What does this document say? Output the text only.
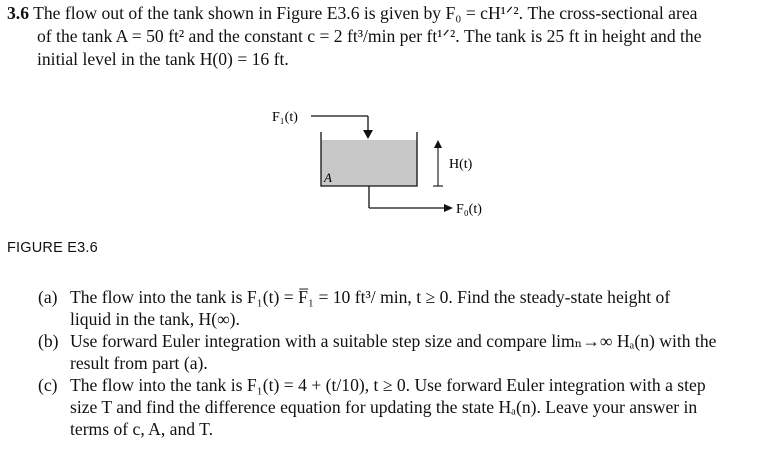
3.6 The flow out of the tank shown in Figure E3.6 is given by F₀ = cH¹ᐟ². The cross-sectional area
of the tank A = 50 ft² and the constant c = 2 ft³/min per ft¹ᐟ². The tank is 25 ft in height and the
initial level in the tank H(0) = 16 ft.
F₁(t)
H(t)
A
F₀(t)
FIGURE E3.6
(a) The flow into the tank is F₁(t) = F̅₁ = 10 ft³/ min, t ≥ 0. Find the steady-state height of
liquid in the tank, H(∞).
(b) Use forward Euler integration with a suitable step size and compare limₙ→∞ Hₐ(n) with the
result from part (a).
(c) The flow into the tank is F₁(t) = 4 + (t/10), t ≥ 0. Use forward Euler integration with a step
size T and find the difference equation for updating the state Hₐ(n). Leave your answer in
terms of c, A, and T.
